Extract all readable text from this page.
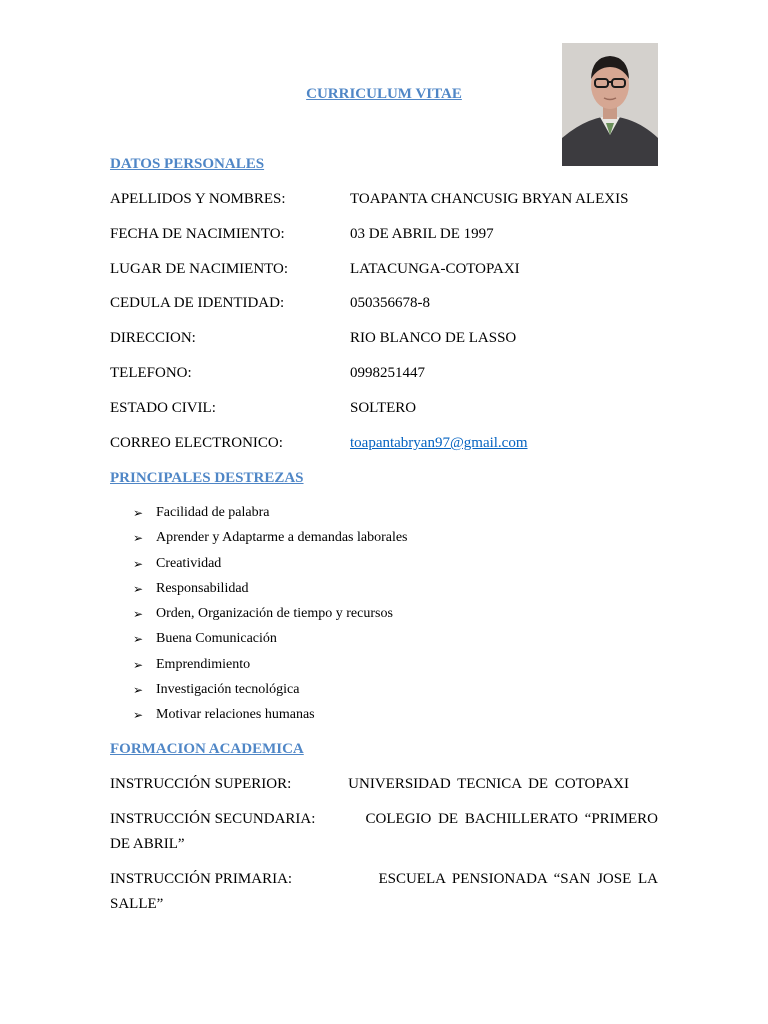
CURRICULUM VITAE
DATOS PERSONALES
APELLIDOS Y NOMBRES:	TOAPANTA CHANCUSIG BRYAN ALEXIS
FECHA DE NACIMIENTO:	03 DE ABRIL DE 1997
LUGAR DE NACIMIENTO:	LATACUNGA-COTOPAXI
CEDULA DE IDENTIDAD:	050356678-8
DIRECCION:	RIO BLANCO DE LASSO
TELEFONO:	0998251447
ESTADO CIVIL:	SOLTERO
CORREO ELECTRONICO:	toapantabryan97@gmail.com
PRINCIPALES DESTREZAS
➢ Facilidad de palabra
➢ Aprender y Adaptarme a demandas laborales
➢ Creatividad
➢ Responsabilidad
➢ Orden, Organización de tiempo y recursos
➢ Buena Comunicación
➢ Emprendimiento
➢ Investigación tecnológica
➢ Motivar relaciones humanas
FORMACION ACADEMICA
INSTRUCCIÓN SUPERIOR:	UNIVERSIDAD TECNICA DE COTOPAXI
INSTRUCCIÓN SECUNDARIA:	COLEGIO DE BACHILLERATO “PRIMERO
DE ABRIL”
INSTRUCCIÓN PRIMARIA:	ESCUELA PENSIONADA “SAN JOSE LA
SALLE”
